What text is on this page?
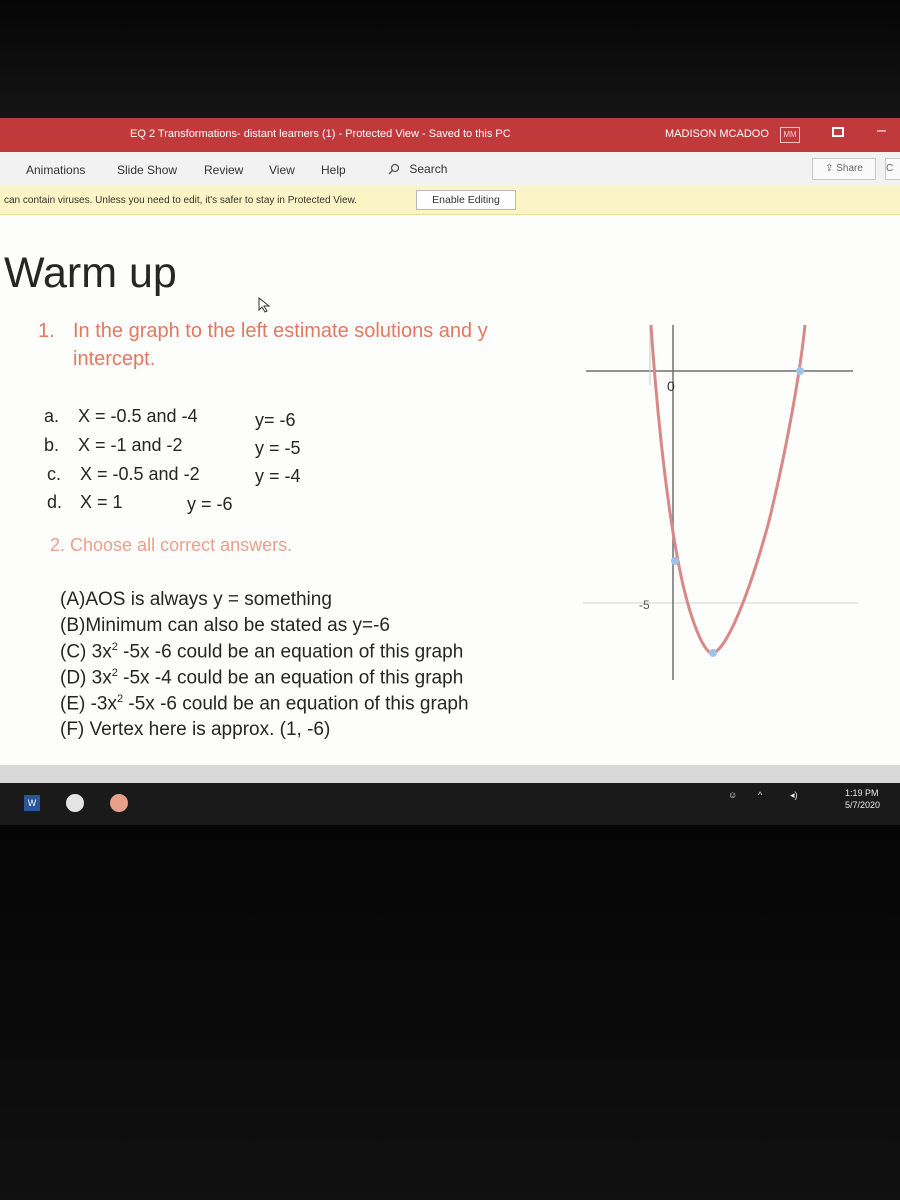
EQ 2 Transformations- distant learners (1) - Protected View - Saved to this PC	MADISON MCADOO	MM	–
Animations	Slide Show Review View Help	Search	⇪ Share	C
can contain viruses. Unless you need to edit, it's safer to stay in Protected View.	Enable Editing
Warm up
1. In the graph to the left estimate solutions and y intercept.
a. X = -0.5 and -4	y= -6
b. X = -1 and -2	y = -5
c. X = -0.5 and -2	y = -4
d. X = 1	y = -6
2. Choose all correct answers.
(A)AOS is always y = something
(B)Minimum can also be stated as y=-6
(C) $3x^2$ -5x -6 could be an equation of this graph
(D) $3x^2$ -5x -4 could be an equation of this graph
(E) $-3x^2$ -5x -6 could be an equation of this graph
(F) Vertex here is approx. (1, -6)
0
-5
W
☺ ^	◂)	1:19 PM
5/7/2020
